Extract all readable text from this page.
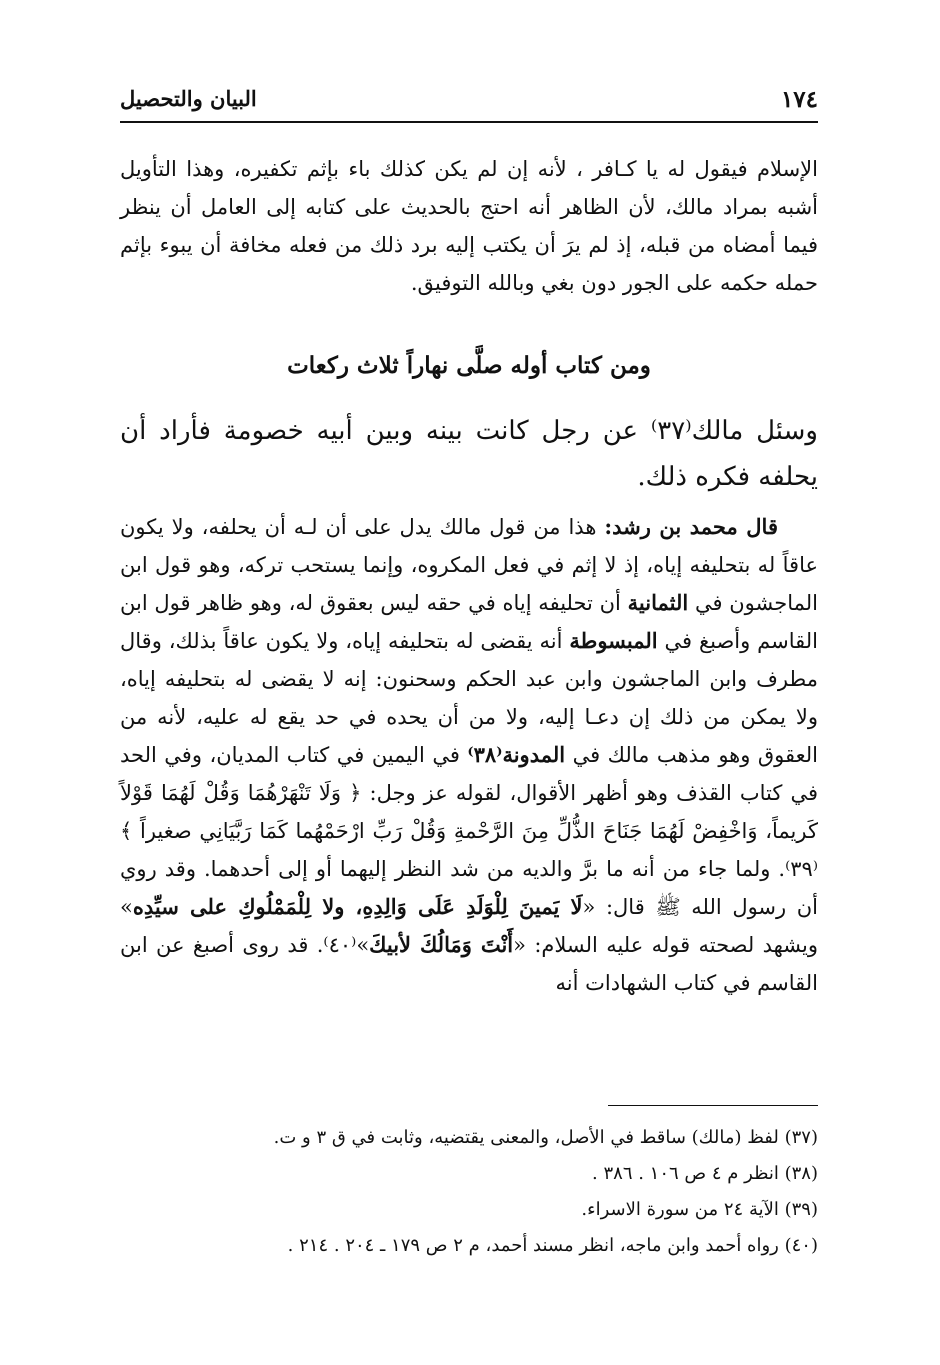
١٧٤
البيان والتحصيل

الإسلام فيقول له يا كـافر ، لأنه إن لم يكن كذلك باء بإثم تكفيره، وهذا التأويل أشبه بمراد مالك، لأن الظاهر أنه احتج بالحديث على كتابه إلى العامل أن ينظر فيما أمضاه من قبله، إذ لم يرَ أن يكتب إليه برد ذلك من فعله مخافة أن يبوء بإثم حمله حكمه على الجور دون بغي وبالله التوفيق.

ومن كتاب أوله صلَّى نهاراً ثلاث ركعات

وسئل مالك⁽٣٧⁾ عن رجل كانت بينه وبين أبيه خصومة فأراد أن يحلفه فكره ذلك.

قال محمد بن رشد: هذا من قول مالك يدل على أن لـه أن يحلفه، ولا يكون عاقاً له بتحليفه إياه، إذ لا إثم في فعل المكروه، وإنما يستحب تركه، وهو قول ابن الماجشون في الثمانية أن تحليفه إياه في حقه ليس بعقوق له، وهو ظاهر قول ابن القاسم وأصبغ في المبسوطة أنه يقضى له بتحليفه إياه، ولا يكون عاقاً بذلك، وقال مطرف وابن الماجشون وابن عبد الحكم وسحنون: إنه لا يقضى له بتحليفه إياه، ولا يمكن من ذلك إن دعـا إليه، ولا من أن يحده في حد يقع له عليه، لأنه من العقوق وهو مذهب مالك في المدونة⁽٣٨⁾ في اليمين في كتاب المديان، وفي الحد في كتاب القذف وهو أظهر الأقوال، لقوله عز وجل: ﴿ وَلَا تَنْهَرْهُمَا وَقُلْ لَهُمَا قَوْلاً كَريماً، وَاخْفِضْ لَهُمَا جَنَاحَ الذُّلِّ مِنَ الرَّحْمةِ وَقُلْ رَبِّ ارْحَمْهُما كَمَا رَبَّيَانِي صغيراً ﴾⁽٣٩⁾. ولما جاء من أنه ما برَّ والديه من شد النظر إليهما أو إلى أحدهما. وقد روي أن رسول الله ﷺ قال: «لَا يَمينَ لِلْوَلَدِ عَلَى وَالِدِهِ، ولا لِلْمَمْلُوكِ على سيِّدِه» ويشهد لصحته قوله عليه السلام: «أَنْتَ وَمَالُكَ لأبيكَ»⁽٤٠⁾. قد روى أصبغ عن ابن القاسم في كتاب الشهادات أنه

(٣٧) لفظ (مالك) ساقط في الأصل، والمعنى يقتضيه، وثابت في ق ٣ و ت.
(٣٨) انظر م ٤ ص ١٠٦ . ٣٨٦ .
(٣٩) الآية ٢٤ من سورة الاسراء.
(٤٠) رواه أحمد وابن ماجه، انظر مسند أحمد، م ٢ ص ١٧٩ ـ ٢٠٤ . ٢١٤ .
